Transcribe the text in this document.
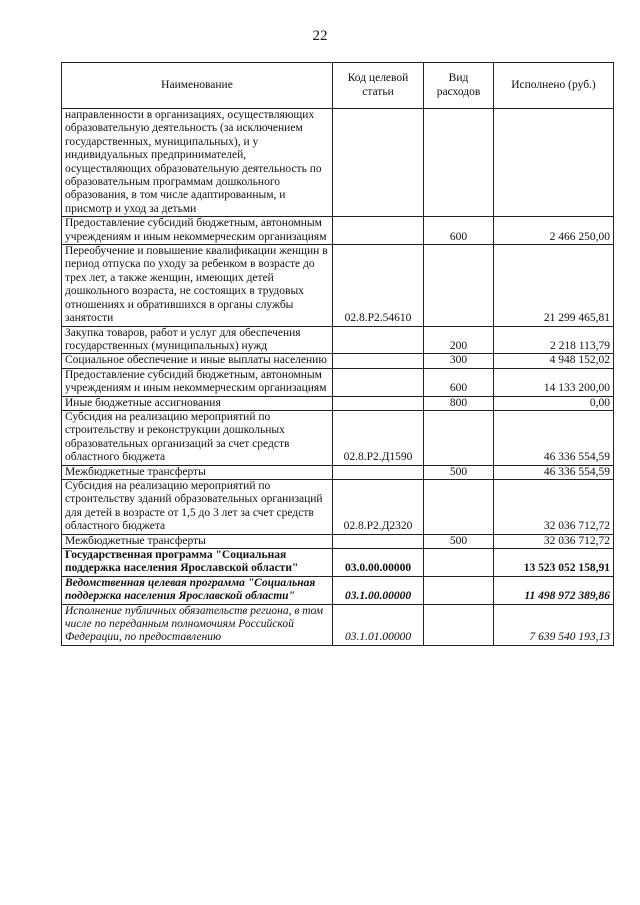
22
Наименование	Код целевой статьи	Вид расходов	Исполнено (руб.)
направленности в организациях, осуществляющих образовательную деятельность (за исключением государственных, муниципальных), и у индивидуальных предпринимателей, осуществляющих образовательную деятельность по образовательным программам дошкольного образования, в том числе адаптированным, и присмотр и уход за детьми			
Предоставление субсидий бюджетным, автономным учреждениям и иным некоммерческим организациям		600	2 466 250,00
Переобучение и повышение квалификации женщин в период отпуска по уходу за ребенком в возрасте до трех лет, а также женщин, имеющих детей дошкольного возраста, не состоящих в трудовых отношениях и обратившихся в органы службы занятости	02.8.Р2.54610		21 299 465,81
Закупка товаров, работ и услуг для обеспечения государственных (муниципальных) нужд		200	2 218 113,79
Социальное обеспечение и иные выплаты населению		300	4 948 152,02
Предоставление субсидий бюджетным, автономным учреждениям и иным некоммерческим организациям		600	14 133 200,00
Иные бюджетные ассигнования		800	0,00
Субсидия на реализацию мероприятий по строительству и реконструкции дошкольных образовательных организаций за счет средств областного бюджета	02.8.Р2.Д1590		46 336 554,59
Межбюджетные трансферты		500	46 336 554,59
Субсидия на реализацию мероприятий по строительству зданий образовательных организаций для детей в возрасте от 1,5 до 3 лет за счет средств областного бюджета	02.8.Р2.Д2320		32 036 712,72
Межбюджетные трансферты		500	32 036 712,72
Государственная программа "Социальная поддержка населения Ярославской области"	03.0.00.00000		13 523 052 158,91
Ведомственная целевая программа "Социальная поддержка населения Ярославской области"	03.1.00.00000		11 498 972 389,86
Исполнение публичных обязательств региона, в том числе по переданным полномочиям Российской Федерации, по предоставлению	03.1.01.00000		7 639 540 193,13
